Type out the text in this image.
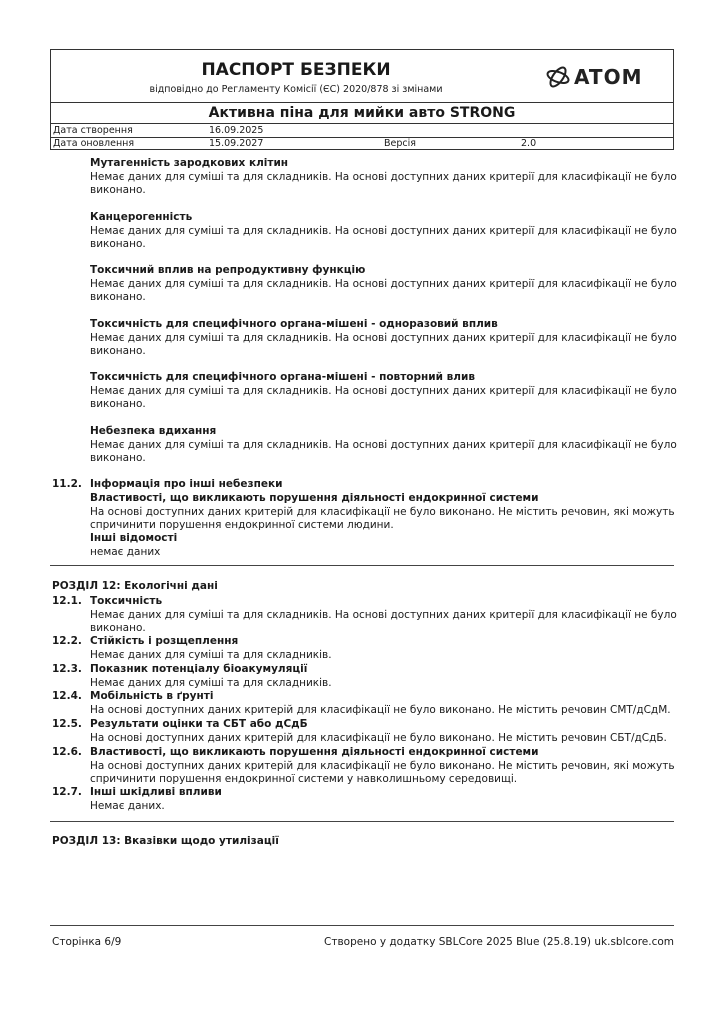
ПАСПОРТ БЕЗПЕКИ
відповідно до Регламенту Комісії (ЄС) 2020/878 зі змінами
ATOM
Активна піна для мийки авто STRONG
Дата створення	16.09.2025
Дата оновлення	15.09.2027	Версія	2.0
Мутагенність зародкових клітин
Немає даних для суміші та для складників. На основі доступних даних критерії для класифікації не було
виконано.
Канцерогенність
Немає даних для суміші та для складників. На основі доступних даних критерії для класифікації не було
виконано.
Токсичний вплив на репродуктивну функцію
Немає даних для суміші та для складників. На основі доступних даних критерії для класифікації не було
виконано.
Токсичність для специфічного органа-мішені - одноразовий вплив
Немає даних для суміші та для складників. На основі доступних даних критерії для класифікації не було
виконано.
Токсичність для специфічного органа-мішені - повторний влив
Немає даних для суміші та для складників. На основі доступних даних критерії для класифікації не було
виконано.
Небезпека вдихання
Немає даних для суміші та для складників. На основі доступних даних критерії для класифікації не було
виконано.
11.2. Інформація про інші небезпеки
Властивості, що викликають порушення діяльності ендокринної системи
На основі доступних даних критерій для класифікації не було виконано. Не містить речовин, які можуть
спричинити порушення ендокринної системи людини.
Інші відомості
немає даних
РОЗДІЛ 12: Екологічні дані
12.1. Токсичність
Немає даних для суміші та для складників. На основі доступних даних критерії для класифікації не було
виконано.
12.2. Стійкість і розщеплення
Немає даних для суміші та для складників.
12.3. Показник потенціалу біоакумуляції
Немає даних для суміші та для складників.
12.4. Мобільність в ґрунті
На основі доступних даних критерій для класифікації не було виконано. Не містить речовин СМТ/дСдМ.
12.5. Результати оцінки та СБТ або дСдБ
На основі доступних даних критерій для класифікації не було виконано. Не містить речовин СБТ/дСдБ.
12.6. Властивості, що викликають порушення діяльності ендокринної системи
На основі доступних даних критерій для класифікації не було виконано. Не містить речовин, які можуть
спричинити порушення ендокринної системи у навколишньому середовищі.
12.7. Інші шкідливі впливи
Немає даних.
РОЗДІЛ 13: Вказівки щодо утилізації
Сторінка 6/9	Створено у додатку SBLCore 2025 Blue (25.8.19) uk.sblcore.com
